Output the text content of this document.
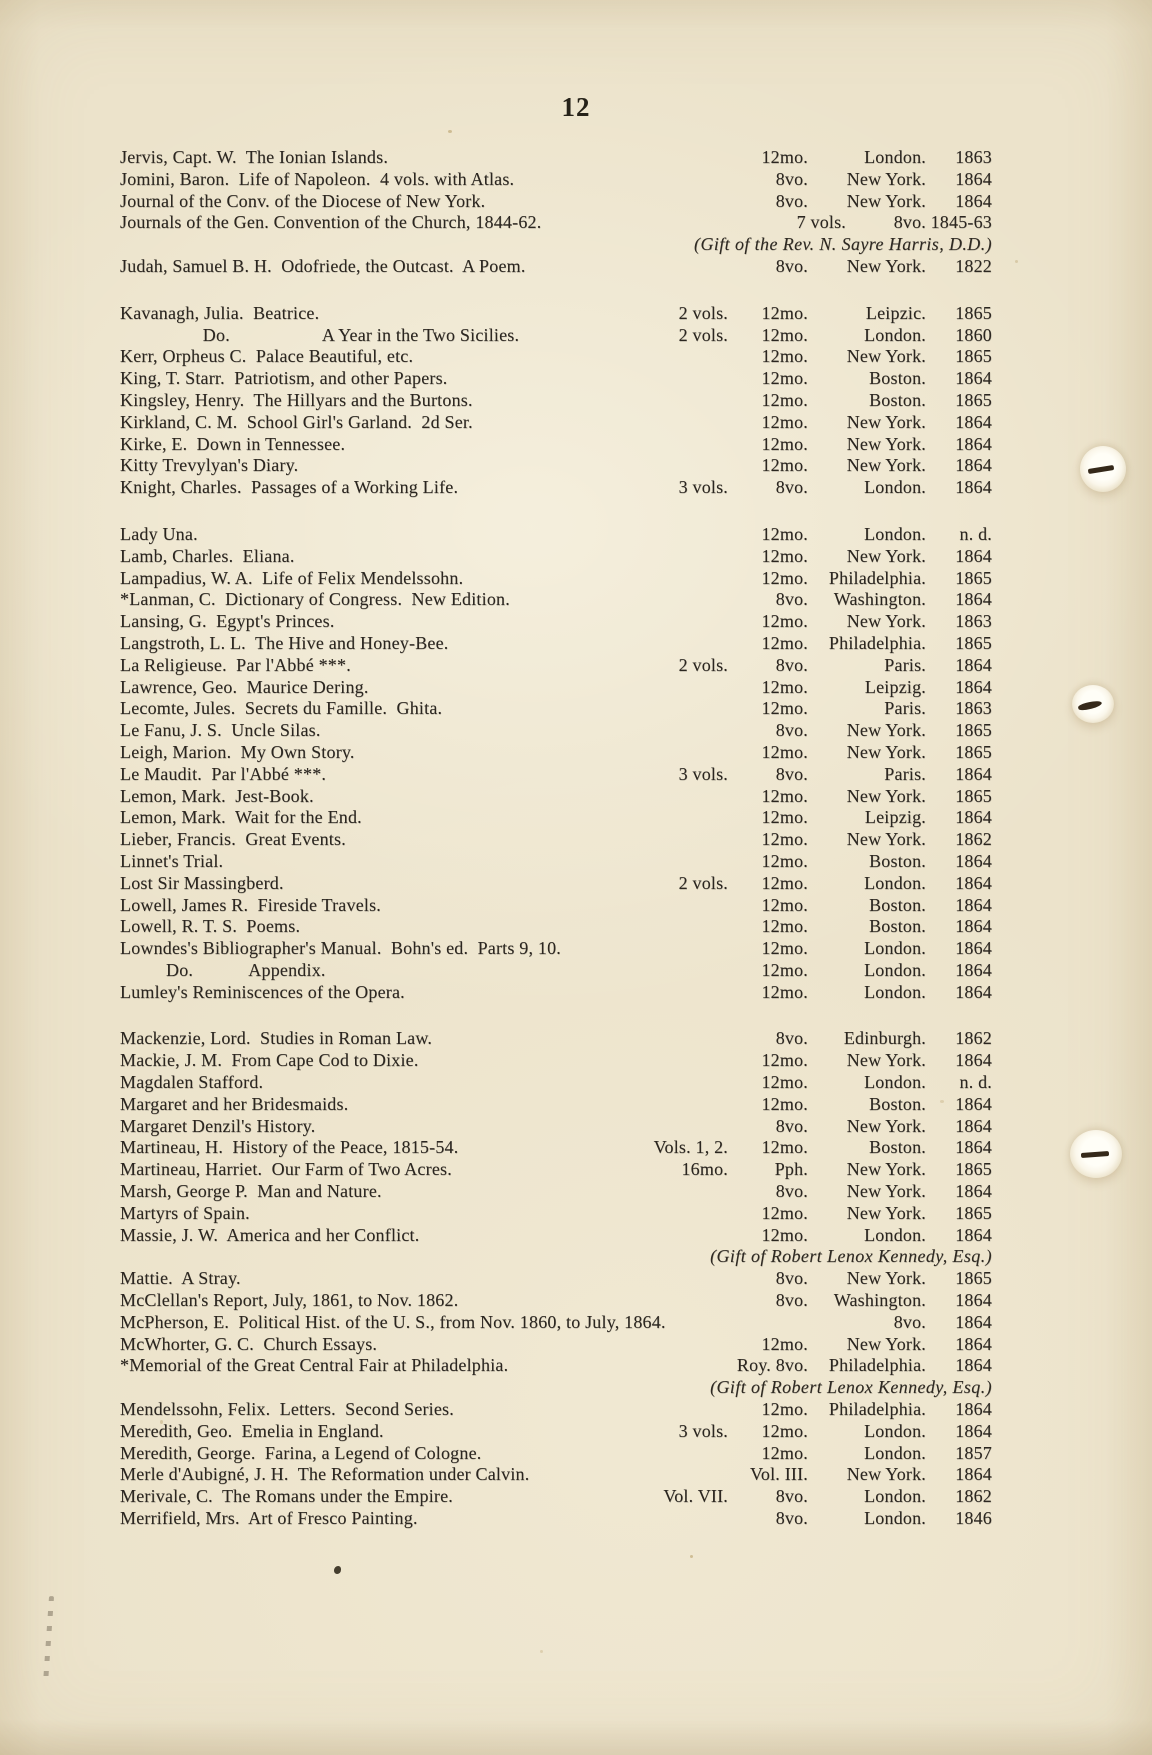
12
Jervis, Capt. W.  The Ionian Islands.	12mo.	London.	1863
Jomini, Baron.  Life of Napoleon.  4 vols. with Atlas.	8vo.	New York.	1864
Journal of the Conv. of the Diocese of New York.	8vo.	New York.	1864
Journals of the Gen. Convention of the Church, 1844-62.	7 vols.	8vo. 1845-63
(Gift of the Rev. N. Sayre Harris, D.D.)
Judah, Samuel B. H.  Odofriede, the Outcast.  A Poem.	8vo.	New York.	1822
Kavanagh, Julia.  Beatrice.	2 vols.	12mo.	Leipzic.	1865
         Do.          A Year in the Two Sicilies.	2 vols.	12mo.	London.	1860
Kerr, Orpheus C.  Palace Beautiful, etc.	12mo.	New York.	1865
King, T. Starr.  Patriotism, and other Papers.	12mo.	Boston.	1864
Kingsley, Henry.  The Hillyars and the Burtons.	12mo.	Boston.	1865
Kirkland, C. M.  School Girl's Garland.  2d Ser.	12mo.	New York.	1864
Kirke, E.  Down in Tennessee.	12mo.	New York.	1864
Kitty Trevylyan's Diary.	12mo.	New York.	1864
Knight, Charles.  Passages of a Working Life.	3 vols.	8vo.	London.	1864
Lady Una.	12mo.	London.	n. d.
Lamb, Charles.  Eliana.	12mo.	New York.	1864
Lampadius, W. A.  Life of Felix Mendelssohn.	12mo.	Philadelphia.	1865
*Lanman, C.  Dictionary of Congress.  New Edition.	8vo.	Washington.	1864
Lansing, G.  Egypt's Princes.	12mo.	New York.	1863
Langstroth, L. L.  The Hive and Honey-Bee.	12mo.	Philadelphia.	1865
La Religieuse.  Par l'Abbé ***.	2 vols.	8vo.	Paris.	1864
Lawrence, Geo.  Maurice Dering.	12mo.	Leipzig.	1864
Lecomte, Jules.  Secrets du Famille.  Ghita.	12mo.	Paris.	1863
Le Fanu, J. S.  Uncle Silas.	8vo.	New York.	1865
Leigh, Marion.  My Own Story.	12mo.	New York.	1865
Le Maudit.  Par l'Abbé ***.	3 vols.	8vo.	Paris.	1864
Lemon, Mark.  Jest-Book.	12mo.	New York.	1865
Lemon, Mark.  Wait for the End.	12mo.	Leipzig.	1864
Lieber, Francis.  Great Events.	12mo.	New York.	1862
Linnet's Trial.	12mo.	Boston.	1864
Lost Sir Massingberd.	2 vols.	12mo.	London.	1864
Lowell, James R.  Fireside Travels.	12mo.	Boston.	1864
Lowell, R. T. S.  Poems.	12mo.	Boston.	1864
Lowndes's Bibliographer's Manual.  Bohn's ed.  Parts 9, 10.	12mo.	London.	1864
     Do.      Appendix.	12mo.	London.	1864
Lumley's Reminiscences of the Opera.	12mo.	London.	1864
Mackenzie, Lord.  Studies in Roman Law.	8vo.	Edinburgh.	1862
Mackie, J. M.  From Cape Cod to Dixie.	12mo.	New York.	1864
Magdalen Stafford.	12mo.	London.	n. d.
Margaret and her Bridesmaids.	12mo.	Boston.	1864
Margaret Denzil's History.	8vo.	New York.	1864
Martineau, H.  History of the Peace, 1815-54.	Vols. 1, 2.	12mo.	Boston.	1864
Martineau, Harriet.  Our Farm of Two Acres.	16mo.	Pph.	New York.	1865
Marsh, George P.  Man and Nature.	8vo.	New York.	1864
Martyrs of Spain.	12mo.	New York.	1865
Massie, J. W.  America and her Conflict.	12mo.	London.	1864
(Gift of Robert Lenox Kennedy, Esq.)
Mattie.  A Stray.	8vo.	New York.	1865
McClellan's Report, July, 1861, to Nov. 1862.	8vo.	Washington.	1864
McPherson, E.  Political Hist. of the U. S., from Nov. 1860, to July, 1864.	8vo.	1864
McWhorter, G. C.  Church Essays.	12mo.	New York.	1864
*Memorial of the Great Central Fair at Philadelphia.	Roy. 8vo.	Philadelphia.	1864
(Gift of Robert Lenox Kennedy, Esq.)
Mendelssohn, Felix.  Letters.  Second Series.	12mo.	Philadelphia.	1864
Meredith, Geo.  Emelia in England.	3 vols.	12mo.	London.	1864
Meredith, George.  Farina, a Legend of Cologne.	12mo.	London.	1857
Merle d'Aubigné, J. H.  The Reformation under Calvin.	Vol. III.	New York.	1864
Merivale, C.  The Romans under the Empire.	Vol. VII.	8vo.	London.	1862
Merrifield, Mrs.  Art of Fresco Painting.	8vo.	London.	1846
